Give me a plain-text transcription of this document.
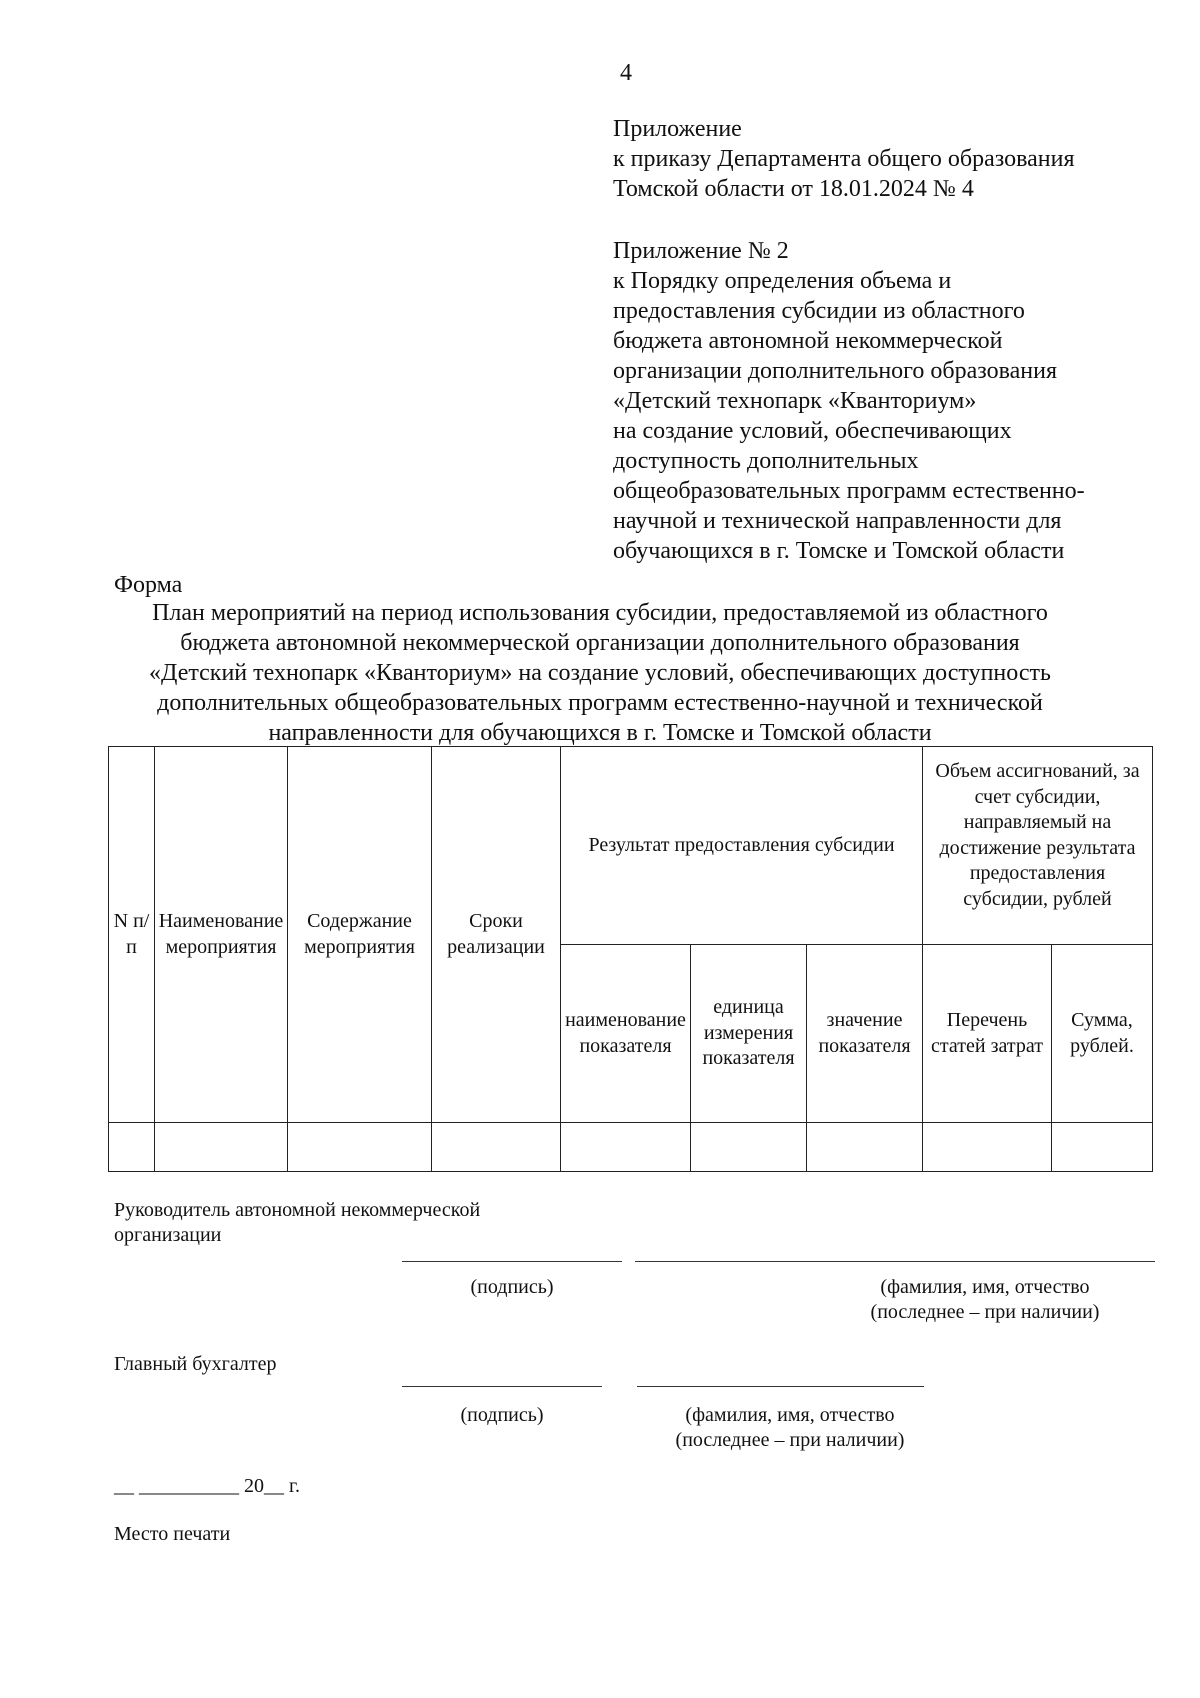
4
Приложение
к приказу Департамента общего образования
Томской области от 18.01.2024 № 4
Приложение № 2
к Порядку определения объема и
предоставления субсидии из областного
бюджета автономной некоммерческой
организации дополнительного образования
«Детский технопарк «Кванториум»
на создание условий, обеспечивающих
доступность дополнительных
общеобразовательных программ естественно-
научной и технической направленности для
обучающихся в г. Томске и Томской области
Форма
План мероприятий на период использования субсидии, предоставляемой из областного
бюджета автономной некоммерческой организации дополнительного образования
«Детский технопарк «Кванториум» на создание условий, обеспечивающих доступность
дополнительных общеобразовательных программ естественно-научной и технической
направленности для обучающихся в г. Томске и Томской области
N п/п	Наименование мероприятия	Содержание мероприятия	Сроки реализации	Результат предоставления субсидии			Объем ассигнований, за счет субсидии, направляемый на достижение результата предоставления субсидии, рублей	
				наименование показателя	единица измерения показателя	значение показателя	Перечень статей затрат	Сумма, рублей.

Руководитель автономной некоммерческой
организации
(подпись)	(фамилия, имя, отчество
(последнее – при наличии)
Главный бухгалтер
(подпись)	(фамилия, имя, отчество
(последнее – при наличии)
__ __________ 20__ г.
Место печати
